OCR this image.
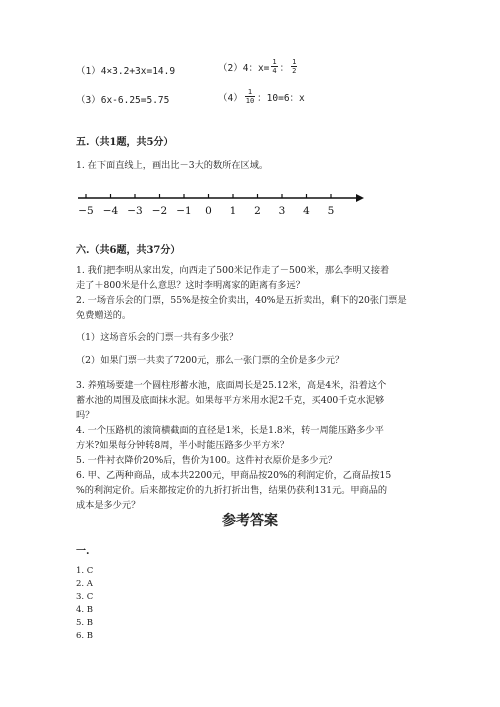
（1）4×3.2+3x=14.9	（2）4：$x= \frac{1}{4}$ ： $\frac{1}{2}$
（3）6x-6.25=5.75	$(4) \frac{1}{10}$ ：10=6：x
五.（共1题，共5分）
1. 在下面直线上，画出比－3大的数所在区域。
−5 −4 −3 −2 −1 0 1 2 3 4 5
六.（共6题，共37分）
1. 我们把李明从家出发，向西走了500米记作走了－500米，那么李明又接着
走了＋800米是什么意思？这时李明离家的距离有多远？
2. 一场音乐会的门票，55%是按全价卖出，40%是五折卖出，剩下的20张门票是
免费赠送的。
（1）这场音乐会的门票一共有多少张？
（2）如果门票一共卖了7200元，那么一张门票的全价是多少元？
3. 养殖场要建一个圆柱形蓄水池，底面周长是25.12米，高是4米，沿着这个
蓄水池的周围及底面抹水泥。如果每平方米用水泥2千克，买400千克水泥够
吗？
4. 一个压路机的滚筒横截面的直径是1米，长是1.8米，转一周能压路多少平
方米?如果每分钟转8周，半小时能压路多少平方米？
5. 一件衬衣降价20%后，售价为100。这件衬衣原价是多少元？
6. 甲、乙两种商品，成本共2200元，甲商品按20%的利润定价，乙商品按15
%的利润定价。后来都按定价的九折打折出售，结果仍获利131元。甲商品的
成本是多少元？
参考答案
一.
1. C
2. A
3. C
4. B
5. B
6. B
